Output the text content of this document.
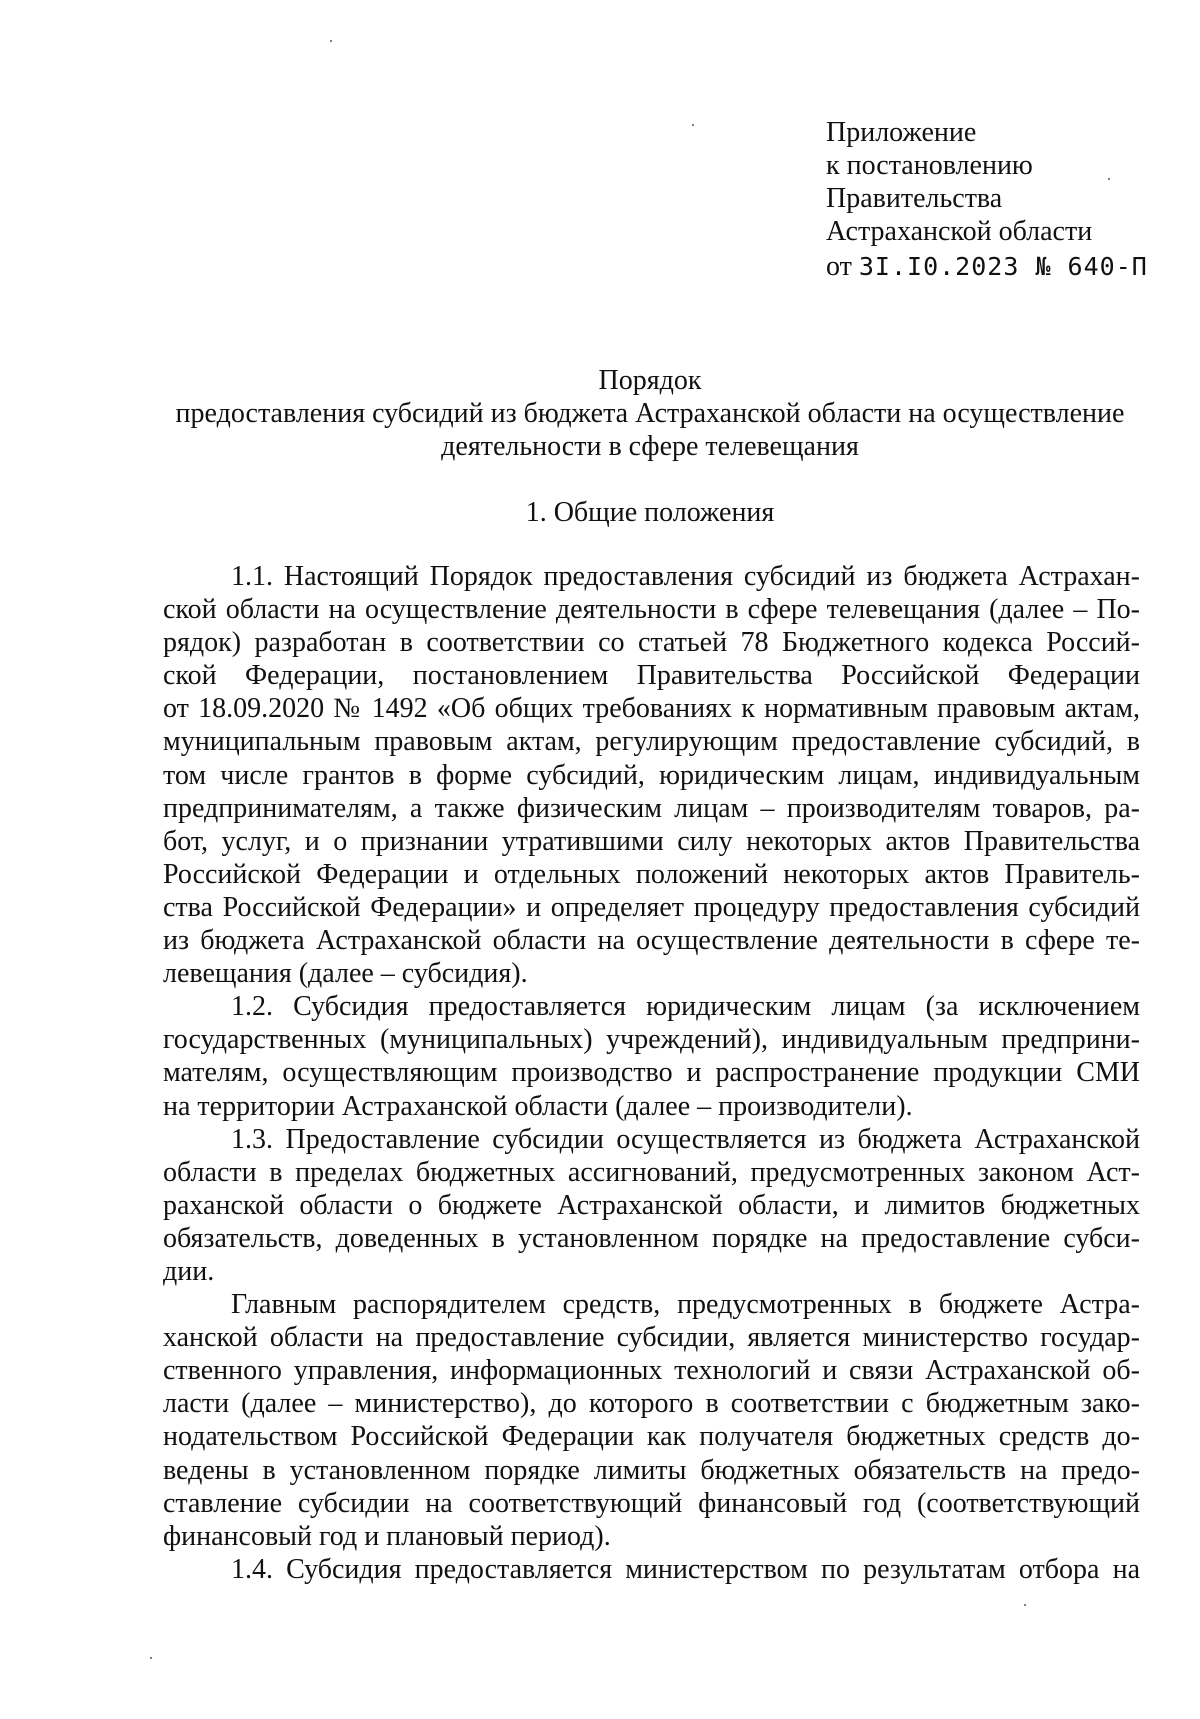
Приложение
к постановлению
Правительства
Астраханской области
от 3I.I0.2023 № 640-П
Порядок
предоставления субсидий из бюджета Астраханской области на осуществление
деятельности в сфере телевещания
1. Общие положения
1.1. Настоящий Порядок предоставления субсидий из бюджета Астрахан-
ской области на осуществление деятельности в сфере телевещания (далее – По-
рядок) разработан в соответствии со статьей 78 Бюджетного кодекса Россий-
ской Федерации, постановлением Правительства Российской Федерации
от 18.09.2020 № 1492 «Об общих требованиях к нормативным правовым актам,
муниципальным правовым актам, регулирующим предоставление субсидий, в
том числе грантов в форме субсидий, юридическим лицам, индивидуальным
предпринимателям, а также физическим лицам – производителям товаров, ра-
бот, услуг, и о признании утратившими силу некоторых актов Правительства
Российской Федерации и отдельных положений некоторых актов Правитель-
ства Российской Федерации» и определяет процедуру предоставления субсидий
из бюджета Астраханской области на осуществление деятельности в сфере те-
левещания (далее – субсидия).
1.2. Субсидия предоставляется юридическим лицам (за исключением
государственных (муниципальных) учреждений), индивидуальным предприни-
мателям, осуществляющим производство и распространение продукции СМИ
на территории Астраханской области (далее – производители).
1.3. Предоставление субсидии осуществляется из бюджета Астраханской
области в пределах бюджетных ассигнований, предусмотренных законом Аст-
раханской области о бюджете Астраханской области, и лимитов бюджетных
обязательств, доведенных в установленном порядке на предоставление субси-
дии.
Главным распорядителем средств, предусмотренных в бюджете Астра-
ханской области на предоставление субсидии, является министерство государ-
ственного управления, информационных технологий и связи Астраханской об-
ласти (далее – министерство), до которого в соответствии с бюджетным зако-
нодательством Российской Федерации как получателя бюджетных средств до-
ведены в установленном порядке лимиты бюджетных обязательств на предо-
ставление субсидии на соответствующий финансовый год (соответствующий
финансовый год и плановый период).
1.4. Субсидия предоставляется министерством по результатам отбора на
